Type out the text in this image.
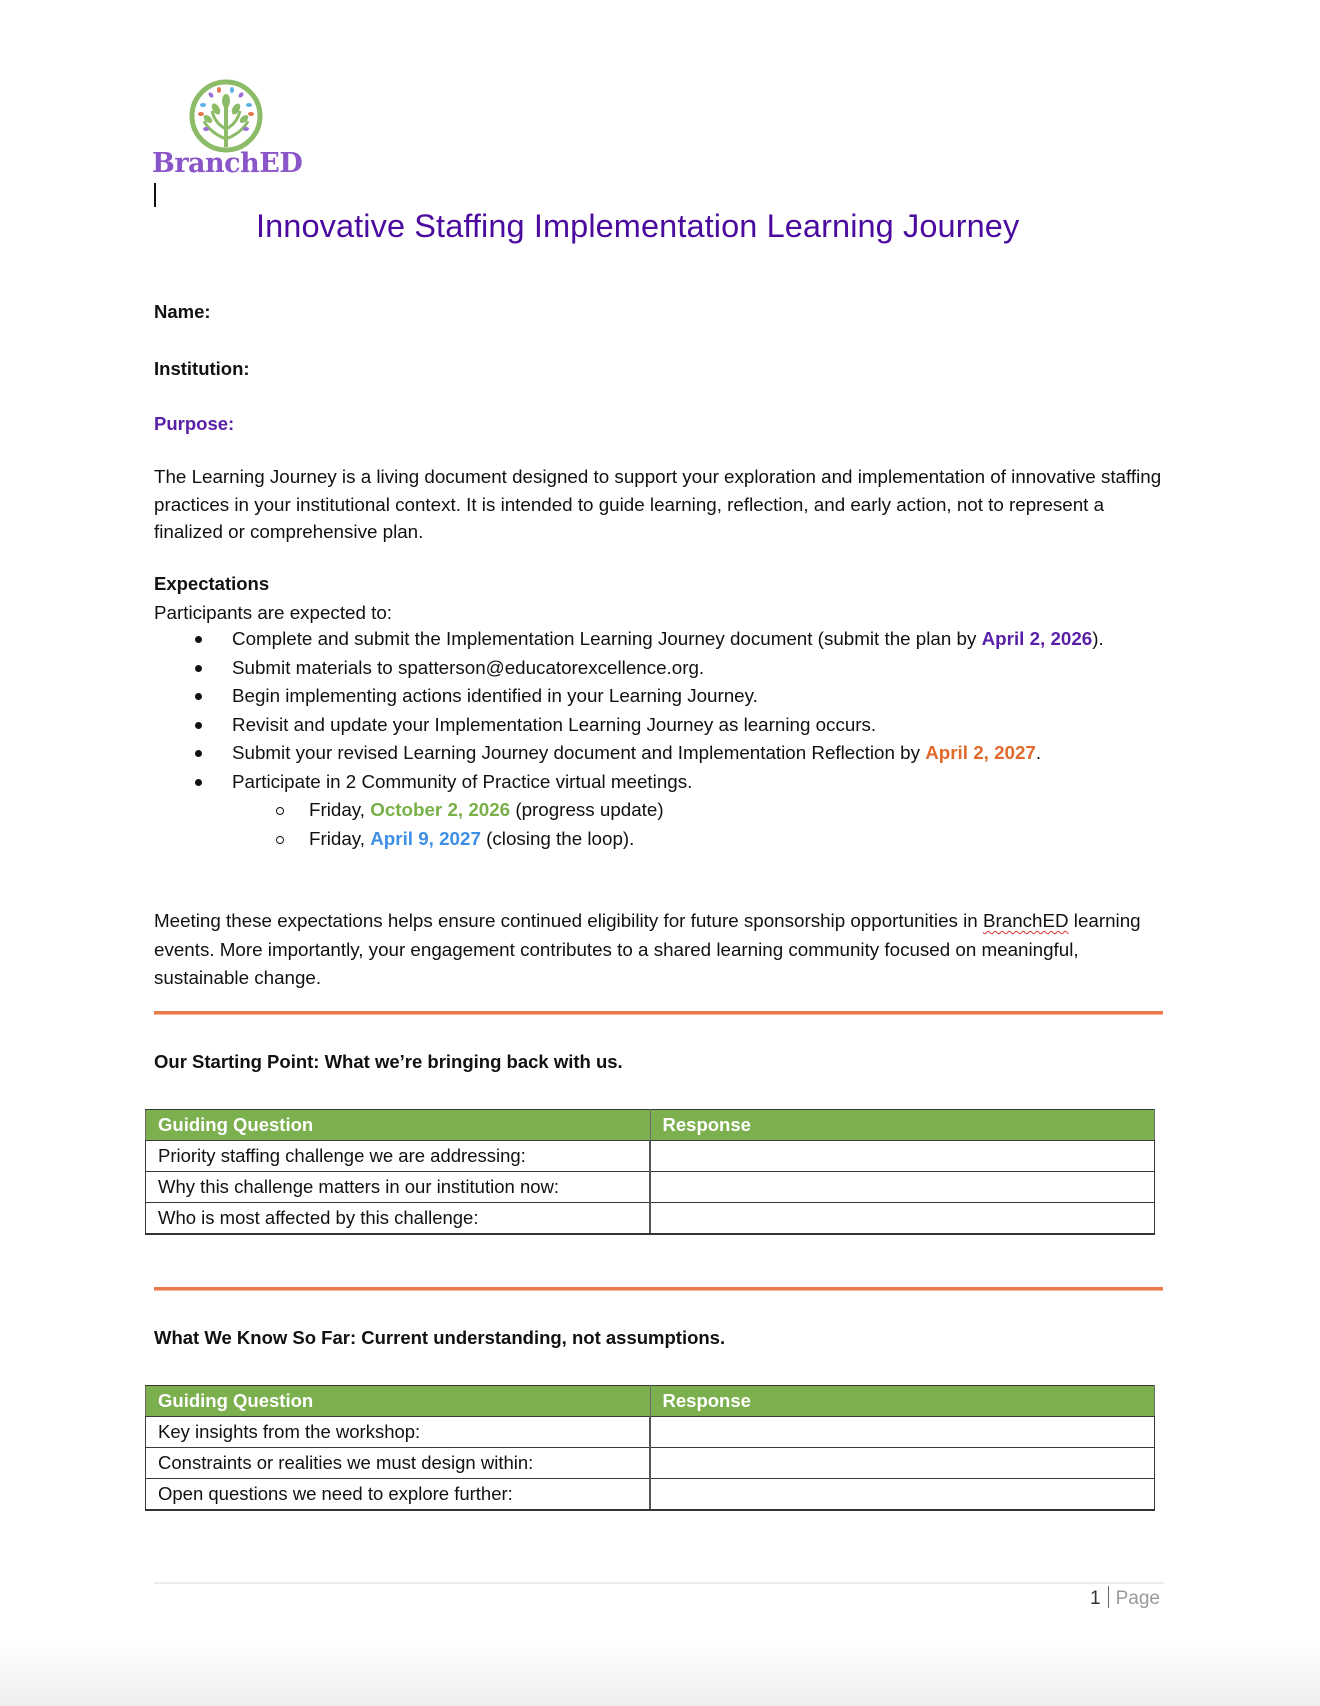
BranchED
Innovative Staffing Implementation Learning Journey
Name:
Institution:
Purpose:
The Learning Journey is a living document designed to support your exploration and implementation of innovative staffing practices in your institutional context. It is intended to guide learning, reflection, and early action, not to represent a finalized or comprehensive plan.
Expectations
Participants are expected to:
Complete and submit the Implementation Learning Journey document (submit the plan by April 2, 2026).
Submit materials to spatterson@educatorexcellence.org.
Begin implementing actions identified in your Learning Journey.
Revisit and update your Implementation Learning Journey as learning occurs.
Submit your revised Learning Journey document and Implementation Reflection by April 2, 2027.
Participate in 2 Community of Practice virtual meetings.
Friday, October 2, 2026 (progress update)
Friday, April 9, 2027 (closing the loop).
Meeting these expectations helps ensure continued eligibility for future sponsorship opportunities in BranchED learning events. More importantly, your engagement contributes to a shared learning community focused on meaningful, sustainable change.
Our Starting Point: What we’re bringing back with us.
Guiding Question	Response
Priority staffing challenge we are addressing:	
Why this challenge matters in our institution now:	
Who is most affected by this challenge:	
What We Know So Far: Current understanding, not assumptions.
Guiding Question	Response
Key insights from the workshop:	
Constraints or realities we must design within:	
Open questions we need to explore further:	
1 Page
